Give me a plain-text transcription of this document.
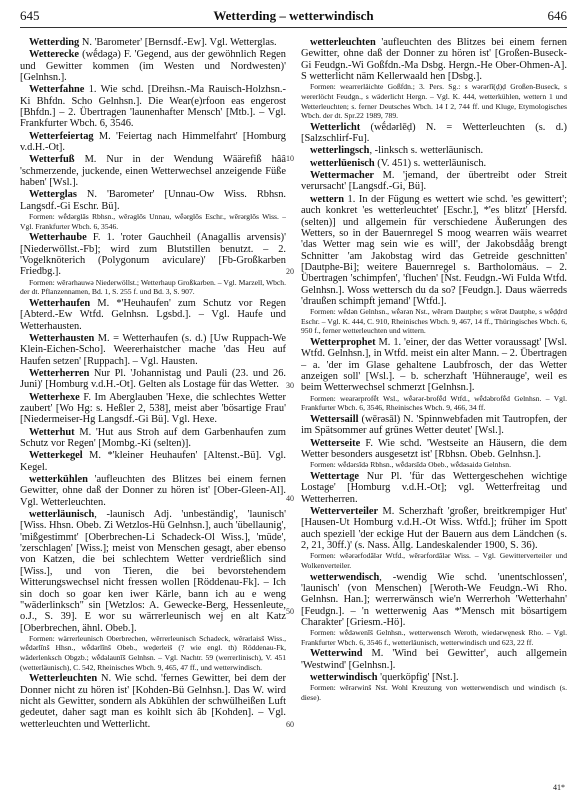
645	Wetterding – wetterwindisch	646

Wetterding N. 'Barometer' [Bernsdf.-Ew]. Vgl. Wetterglas.

Wetterecke (wḗdəgə) F. 'Gegend, aus der gewöhnlich Regen und Gewitter kommen (im Westen und Nordwesten)' [Gelnhsn.].

Wetterfahne 1. Wie schd. [Dreihsn.-Ma Rauisch-Holzhsn.-Ki Bhfdn. Scho Gelnhsn.]. Die Wear(e)rfoon eas engerost [Bhfdn.] – 2. Übertragen 'launenhafter Mensch' [Mtb.]. – Vgl. Frankfurter Wbch. 6, 3546.

Wetterfeiertag M. 'Feiertag nach Himmelfahrt' [Homburg v.d.H.-Ot].

Wetterfuß M. Nur in der Wendung Wäärefiß hââ 'schmerzende, juckende, einen Wetterwechsel anzeigende Füße haben' [Wsl.].

Wetterglas N. 'Barometer' [Unnau-Ow Wiss. Rbhsn. Langsdf.-Gi Eschr. Bü].

Formen: wḗdərglās Rbhsn., wērəglōs Unnau, wḗərglōs Eschr., wērərglōs Wiss. – Vgl. Frankfurter Wbch. 6, 3546.

Wetterhaube F. 1. 'roter Gauchheil (Anagallis arvensis)' [Niederwöllst.-Fb]; wird zum Blutstillen benutzt. – 2. 'Vogelknöterich (Polygonum aviculare)' [Fb-Großkarben Friedbg.].

Formen: wērərhauwə Niederwöllst.; Wetterhaup Großkarben. – Vgl. Marzell, Wbch. der dt. Pflanzennamen, Bd. 1, S. 255 f. und Bd. 3, S. 907.

Wetterhaufen M. *'Heuhaufen' zum Schutz vor Regen [Abterd.-Ew Wtfd. Gelnhsn. Lgsbd.]. – Vgl. Haufe und Wetterhausten.

Wetterhausten M. = Wetterhaufen (s. d.) [Uw Ruppach-We Klein-Eichen-Scho]. Weererhaistcher mache 'das Heu auf Haufen setzen' [Ruppach]. – Vgl. Hausten.

Wetterherren Nur Pl. 'Johannistag und Pauli (23. und 26. Juni)' [Homburg v.d.H.-Ot]. Gelten als Lostage für das Wetter.

Wetterhexe F. Im Aberglauben 'Hexe, die schlechtes Wetter zaubert' [Wo Hg: s. Heßler 2, 538], meist aber 'bösartige Frau' [Niedermeiser-Hg Langsdf.-Gi Bü]. Vgl. Hexe.

Wetterhut M. 'Hut aus Stroh auf dem Garbenhaufen zum Schutz vor Regen' [Mombg.-Ki (selten)].

Wetterkegel M. *'kleiner Heuhaufen' [Altenst.-Bü]. Vgl. Kegel.

wetterkühlen 'aufleuchten des Blitzes bei einem fernen Gewitter, ohne daß der Donner zu hören ist' [Ober-Gleen-Al]. Vgl. Wetterleuchten.

wetterläunisch, -launisch Adj. 'unbeständig', 'launisch' [Wiss. Hhsn. Obeb. Zi Wetzlos-Hü Gelnhsn.], auch 'übellaunig', 'mißgestimmt' [Oberbrechen-Li Schadeck-Ol Wiss.], 'müde', 'zerschlagen' [Wiss.]; meist von Menschen gesagt, aber ebenso von Katzen, die bei schlechtem Wetter verdrießlich sind [Wiss.], und von Tieren, die bei bevorstehendem Witterungswechsel nicht fressen wollen [Röddenau-Fk]. – Ich sin doch so goar ken iwer Kärle, bann ich au e weng "wäderlinksch" sin [Wetzlos: A. Gewecke-Berg, Hessenleute, o.J., S. 39]. E wor su wärrerleunisch wej en alt Katz [Oberbrechen, ähnl. Obeb.].

Formen: wärrerleunisch Oberbrechen, wērrerleunisch Schadeck, wērərlaisš Wiss., wḗdərlīnš Hhsn., wḗdərlīnš Obeb., weḍerleiš (? wie engl. th) Röddenau-Fk, wäderlenksch Obgzb.; wḗdəlaunīš Gelnhsn. – Vgl. Nachtr. 59 (werrerlinisch), V. 451 (wetterläunisch), C. 542, Rheinisches Wbch. 9, 465, 47 ff., und wetterwindisch.

Wetterleuchten N. Wie schd. 'fernes Gewitter, bei dem der Donner nicht zu hören ist' [Kohden-Bü Gelnhsn.]. Das W. wird nicht als Gewitter, sondern als Abkühlen der schwülheißen Luft gedeutet, daher sagt man es koihlt sich âb [Kohden]. – Vgl. wetterleuchten und Wetterlicht.

wetterleuchten 'aufleuchten des Blitzes bei einem fernen Gewitter, ohne daß der Donner zu hören ist' [Großen-Buseck-Gi Feudgn.-Wi Goßfdn.-Ma Dsbg. Hergn.-He Ober-Ohmen-A]. S wetterlicht näm Kellerwaald hen [Dsbg.].

Formen: wearrerläichte Goßfdn.; 3. Pers. Sg.: s wərərlī(ḍ)ḍ Großen-Buseck, s wererlöcht Feudgn., s wäderlicht Hergn. – Vgl. K. 444, wetterkühlen, wettern 1 und Wetterleuchten; s. ferner Deutsches Wbch. 14 I 2, 744 ff. und Kluge, Etymologisches Wbch. der dt. Spr.22 1989, 789.

Wetterlicht (wḗdərlēḍ) N. = Wetterleuchten (s. d.) [Salzschlirf-Fu].

wetterlingsch, -linksch s. wetterläunisch.

wetterlüenisch (V. 451) s. wetterläunisch.

Wettermacher M. 'jemand, der übertreibt oder Streit verursacht' [Langsdf.-Gi, Bü].

wettern 1. In der Fügung es wettert wie schd. 'es gewittert'; auch konkret 'es wetterleuchtet' [Eschr.], *'es blitzt' [Hersfd. (selten)] und allgemein für verschiedene Äußerungen des Wetters, so in der Bauernregel S moog wearren wäis wearret 'das Wetter mag sein wie es will', der Jakobsdååg brengt Schnitter 'am Jakobstag wird das Getreide geschnitten' [Dautphe-Bi]; weitere Bauernregel s. Bartholomäus. – 2. Übertragen 'schimpfen', 'fluchen' [Nst. Feudgn.-Wi Fulda Wtfd. Gelnhsn.]. Woss wettersch du da so? [Feudgn.]. Daus wäerreds 'draußen schimpft jemand' [Wtfd.].

Formen: wḗdən Gelnhsn., wḗərən Nst., wērərn Dautphe; s wērət Dautphe, s wḗḍḍrd Eschr. – Vgl. K. 444, C. 910, Rheinisches Wbch. 9, 467, 14 ff., Thüringisches Wbch. 6, 950 f., ferner wetterleuchten und wittern.

Wetterprophet M. 1. 'einer, der das Wetter voraussagt' [Wsl. Wtfd. Gelnhsn.], in Wtfd. meist ein alter Mann. – 2. Übertragen – a. 'der im Glase gehaltene Laubfrosch, der das Wetter anzeigen soll' [Wsl.]. – b. scherzhaft 'Hühnerauge', weil es beim Wetterwechsel schmerzt [Gelnhsn.].

Formen: wearərprofḗt Wsl., wḗərər-brofḗd Wtfd., wḗdəbrofḗd Gelnhsn. – Vgl. Frankfurter Wbch. 6, 3546, Rheinisches Wbch. 9, 466, 34 ff.

Wettersaill (wērəsāl) N. 'Spinnwebfaden mit Tautropfen, der im Spätsommer auf grünes Wetter deutet' [Wsl.].

Wetterseite F. Wie schd. 'Westseite an Häusern, die dem Wetter besonders ausgesetzt ist' [Rbhsn. Obeb. Gelnhsn.].

Formen: wḗdərsīdə Rbhsn., wḗdərsīdə Obeb., wḗdəsaidə Gelnhsn.

Wettertage Nur Pl. 'für das Wettergeschehen wichtige Lostage' [Homburg v.d.H.-Ot]; vgl. Wetterfreitag und Wetterherren.

Wetterverteiler M. Scherzhaft 'großer, breitkrempiger Hut' [Hausen-Ut Homburg v.d.H.-Ot Wiss. Wtfd.]; früher im Spott auch speziell 'der eckige Hut der Bauern aus dem Ländchen (s. 2, 21, 30ff.)' (s. Nass. Allg. Landeskalender 1900, S. 36).

Formen: wēərərfodālər Wtfd., wērərfordālər Wiss. – Vgl. Gewitterverteiler und Wolkenverteiler.

wetterwendisch, -wendig Wie schd. 'unentschlossen', 'launisch' (von Menschen) [Weroth-We Feudgn.-Wi Rho. Gelnhsn. Han.]; werrerwänsch wie'n Werrerhoh 'Wetterhahn' [Feudgn.]. – 'n wetterwenig Aas *'Mensch mit bösartigem Charakter' [Griesm.-Hö].

Formen: wḗdəwenīš Gelnhsn., wetterwensch Weroth, wiedərwęnesk Rho. – Vgl. Frankfurter Wbch. 6, 3546 f., wetterläunisch, wetterwindisch und 623, 22 ff.

Wetterwind M. 'Wind bei Gewitter', auch allgemein 'Westwind' [Gelnhsn.].

wetterwindisch 'querköpfig' [Nst.].

Formen: wērərwinš Nst. Wohl Kreuzung von wetterwendisch und windisch (s. diese).

10
20
30
40
50
60
41*
